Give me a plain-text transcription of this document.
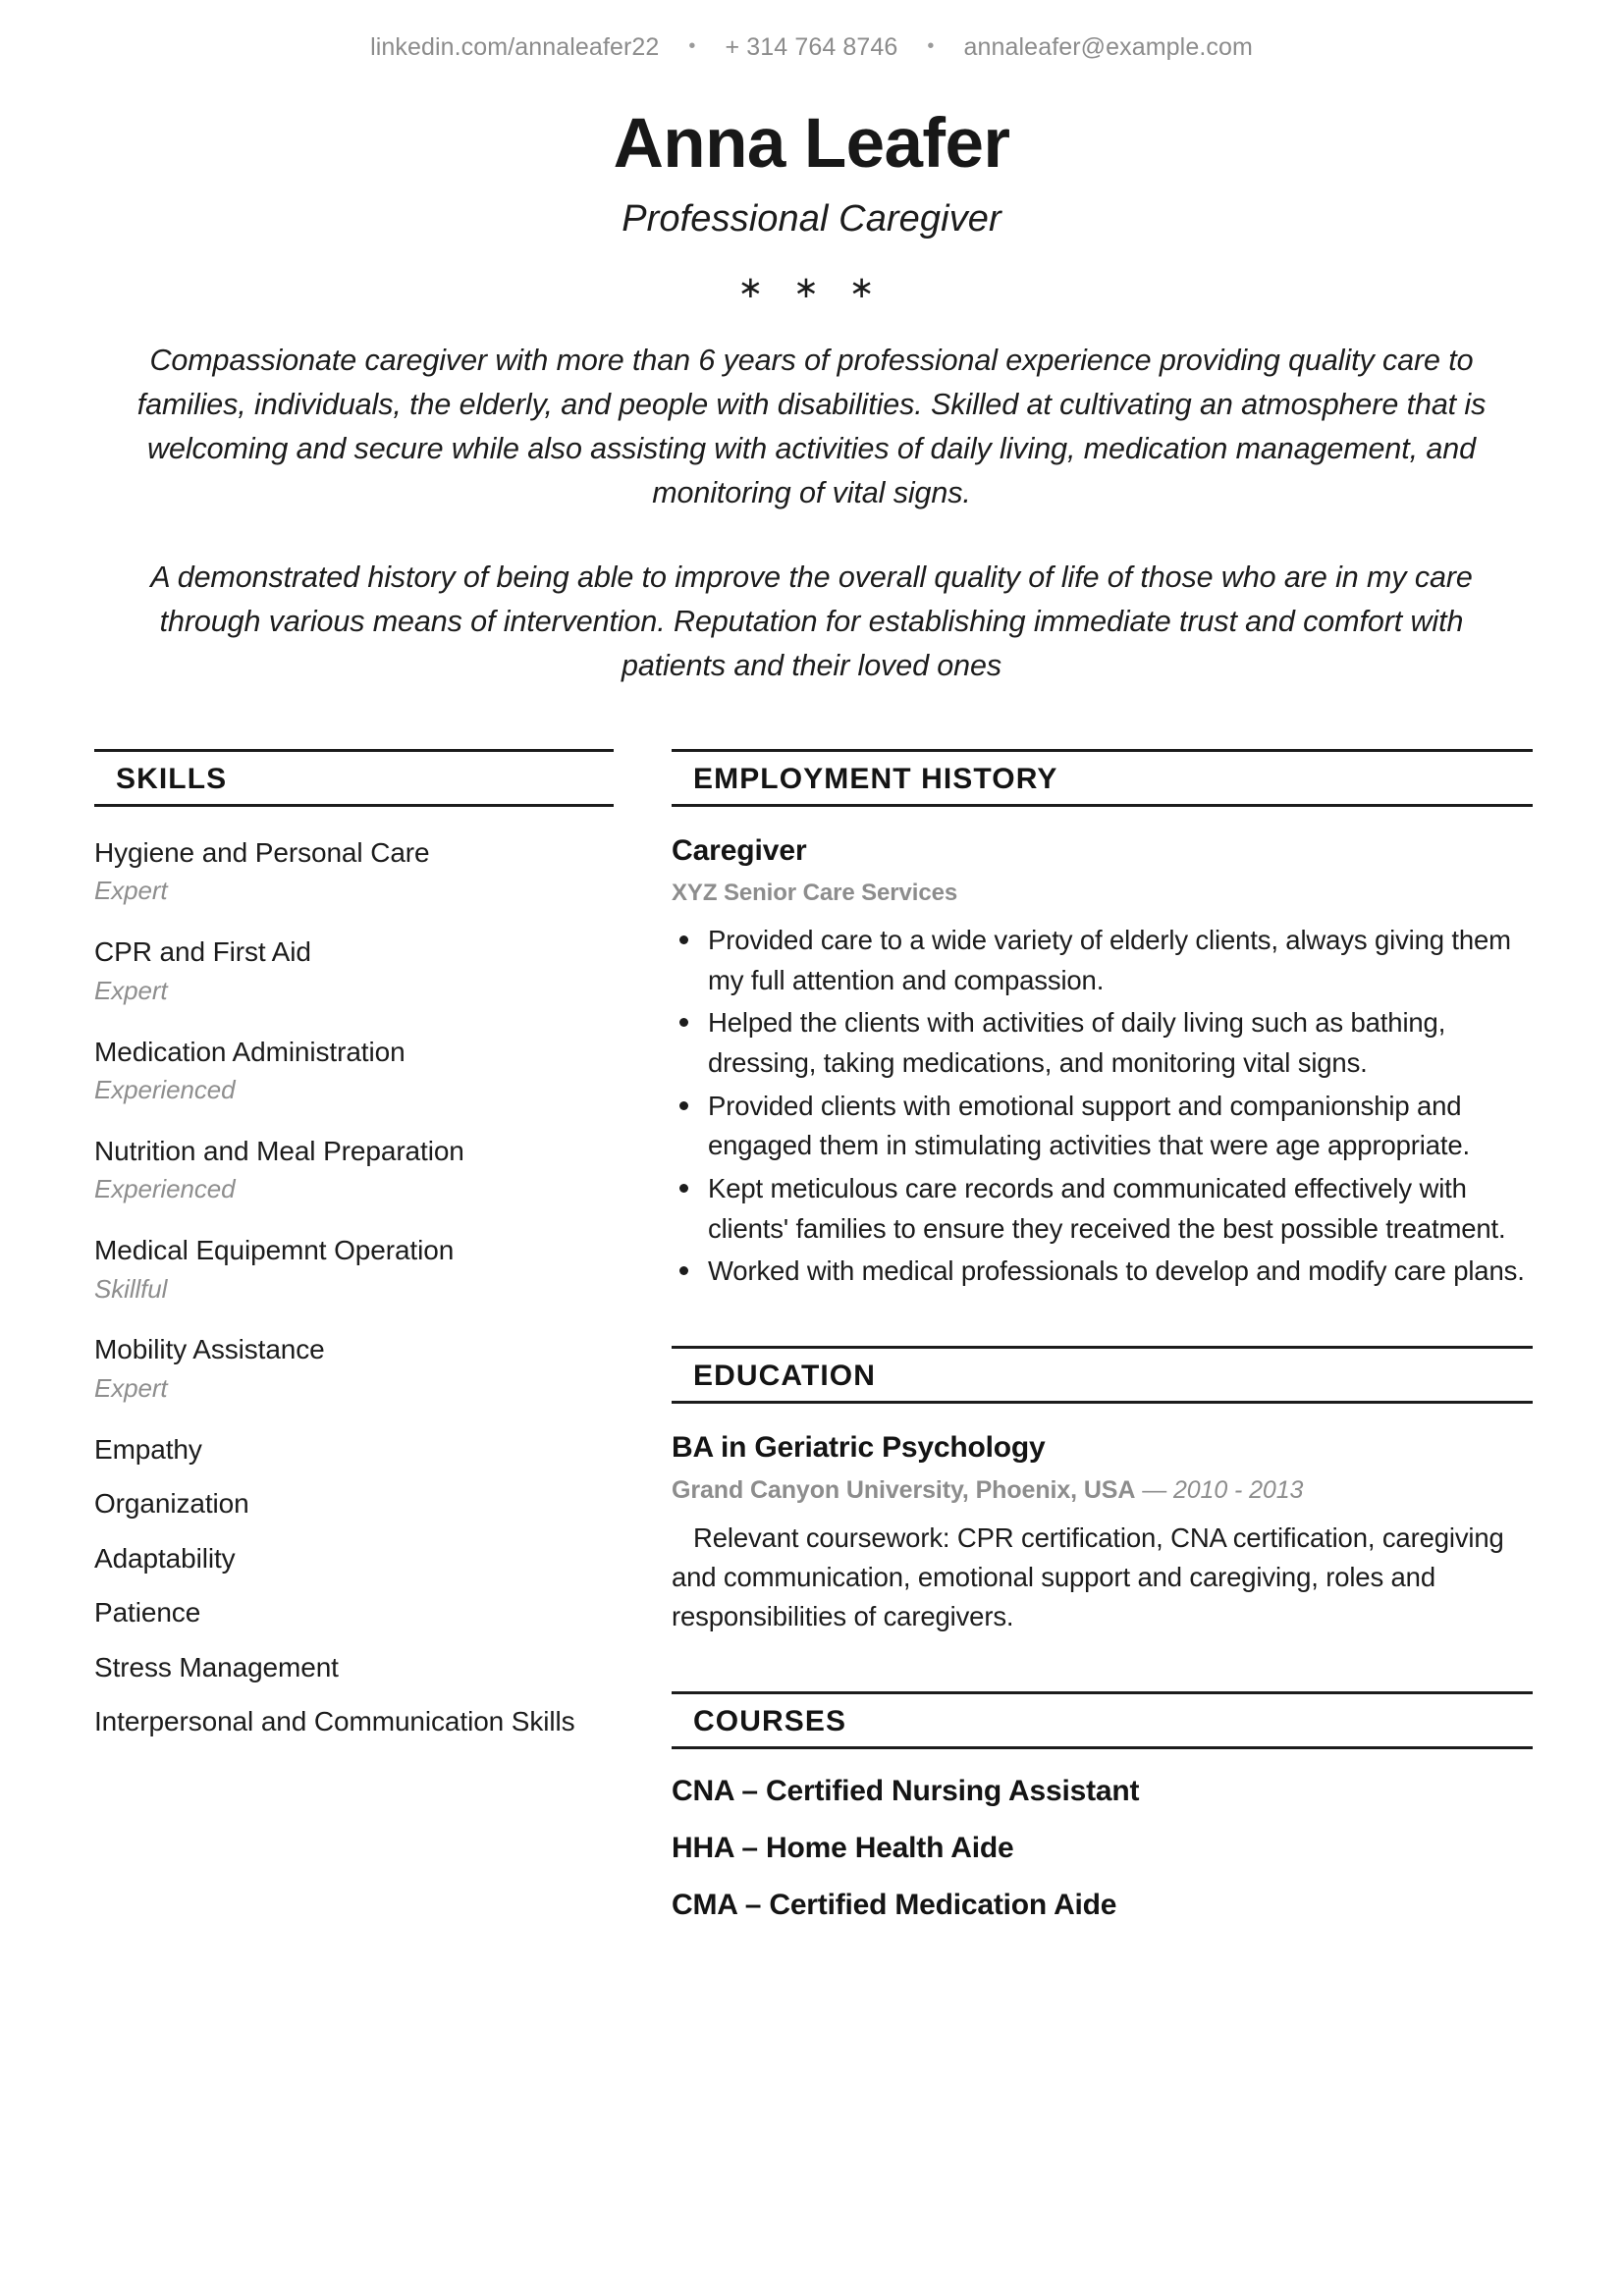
linkedin.com/annaleafer22	•	+ 314 764 8746	•	annaleafer@example.com
Anna Leafer
Professional Caregiver
∗ ∗ ∗

Compassionate caregiver with more than 6 years of professional experience providing quality care to families, individuals, the elderly, and people with disabilities. Skilled at cultivating an atmosphere that is welcoming and secure while also assisting with activities of daily living, medication management, and monitoring of vital signs.

A demonstrated history of being able to improve the overall quality of life of those who are in my care through various means of intervention. Reputation for establishing immediate trust and comfort with patients and their loved ones

SKILLS
Hygiene and Personal Care
Expert
CPR and First Aid
Expert
Medication Administration
Experienced
Nutrition and Meal Preparation
Experienced
Medical Equipemnt Operation
Skillful
Mobility Assistance
Expert
Empathy
Organization
Adaptability
Patience
Stress Management
Interpersonal and Communication Skills
EMPLOYMENT HISTORY
Caregiver
XYZ Senior Care Services
Provided care to a wide variety of elderly clients, always giving them my full attention and compassion.
Helped the clients with activities of daily living such as bathing, dressing, taking medications, and monitoring vital signs.
Provided clients with emotional support and companionship and engaged them in stimulating activities that were age appropriate.
Kept meticulous care records and communicated effectively with clients' families to ensure they received the best possible treatment.
Worked with medical professionals to develop and modify care plans.
EDUCATION
BA in Geriatric Psychology
Grand Canyon University, Phoenix, USA — 2010 - 2013
Relevant coursework: CPR certification, CNA certification, caregiving and communication, emotional support and caregiving, roles and responsibilities of caregivers.
COURSES
CNA – Certified Nursing Assistant
HHA – Home Health Aide
CMA – Certified Medication Aide
